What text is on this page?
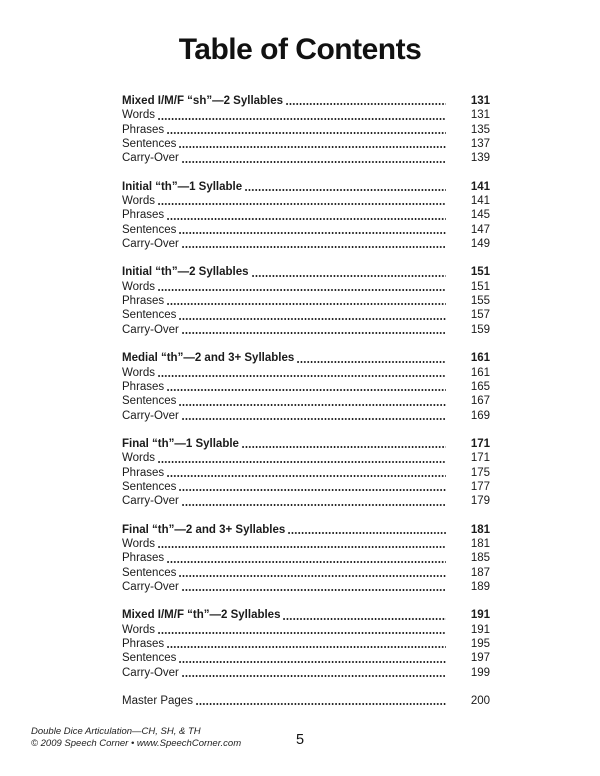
Table of Contents
Mixed I/M/F “sh”—2 Syllables	131
Words	131
Phrases	135
Sentences	137
Carry-Over	139
Initial “th”—1 Syllable	141
Words	141
Phrases	145
Sentences	147
Carry-Over	149
Initial “th”—2 Syllables	151
Words	151
Phrases	155
Sentences	157
Carry-Over	159
Medial “th”—2 and 3+ Syllables	161
Words	161
Phrases	165
Sentences	167
Carry-Over	169
Final “th”—1 Syllable	171
Words	171
Phrases	175
Sentences	177
Carry-Over	179
Final “th”—2 and 3+ Syllables	181
Words	181
Phrases	185
Sentences	187
Carry-Over	189
Mixed I/M/F “th”—2 Syllables	191
Words	191
Phrases	195
Sentences	197
Carry-Over	199
Master Pages	200
Double Dice Articulation—CH, SH, & TH
© 2009 Speech Corner • www.SpeechCorner.com	5
